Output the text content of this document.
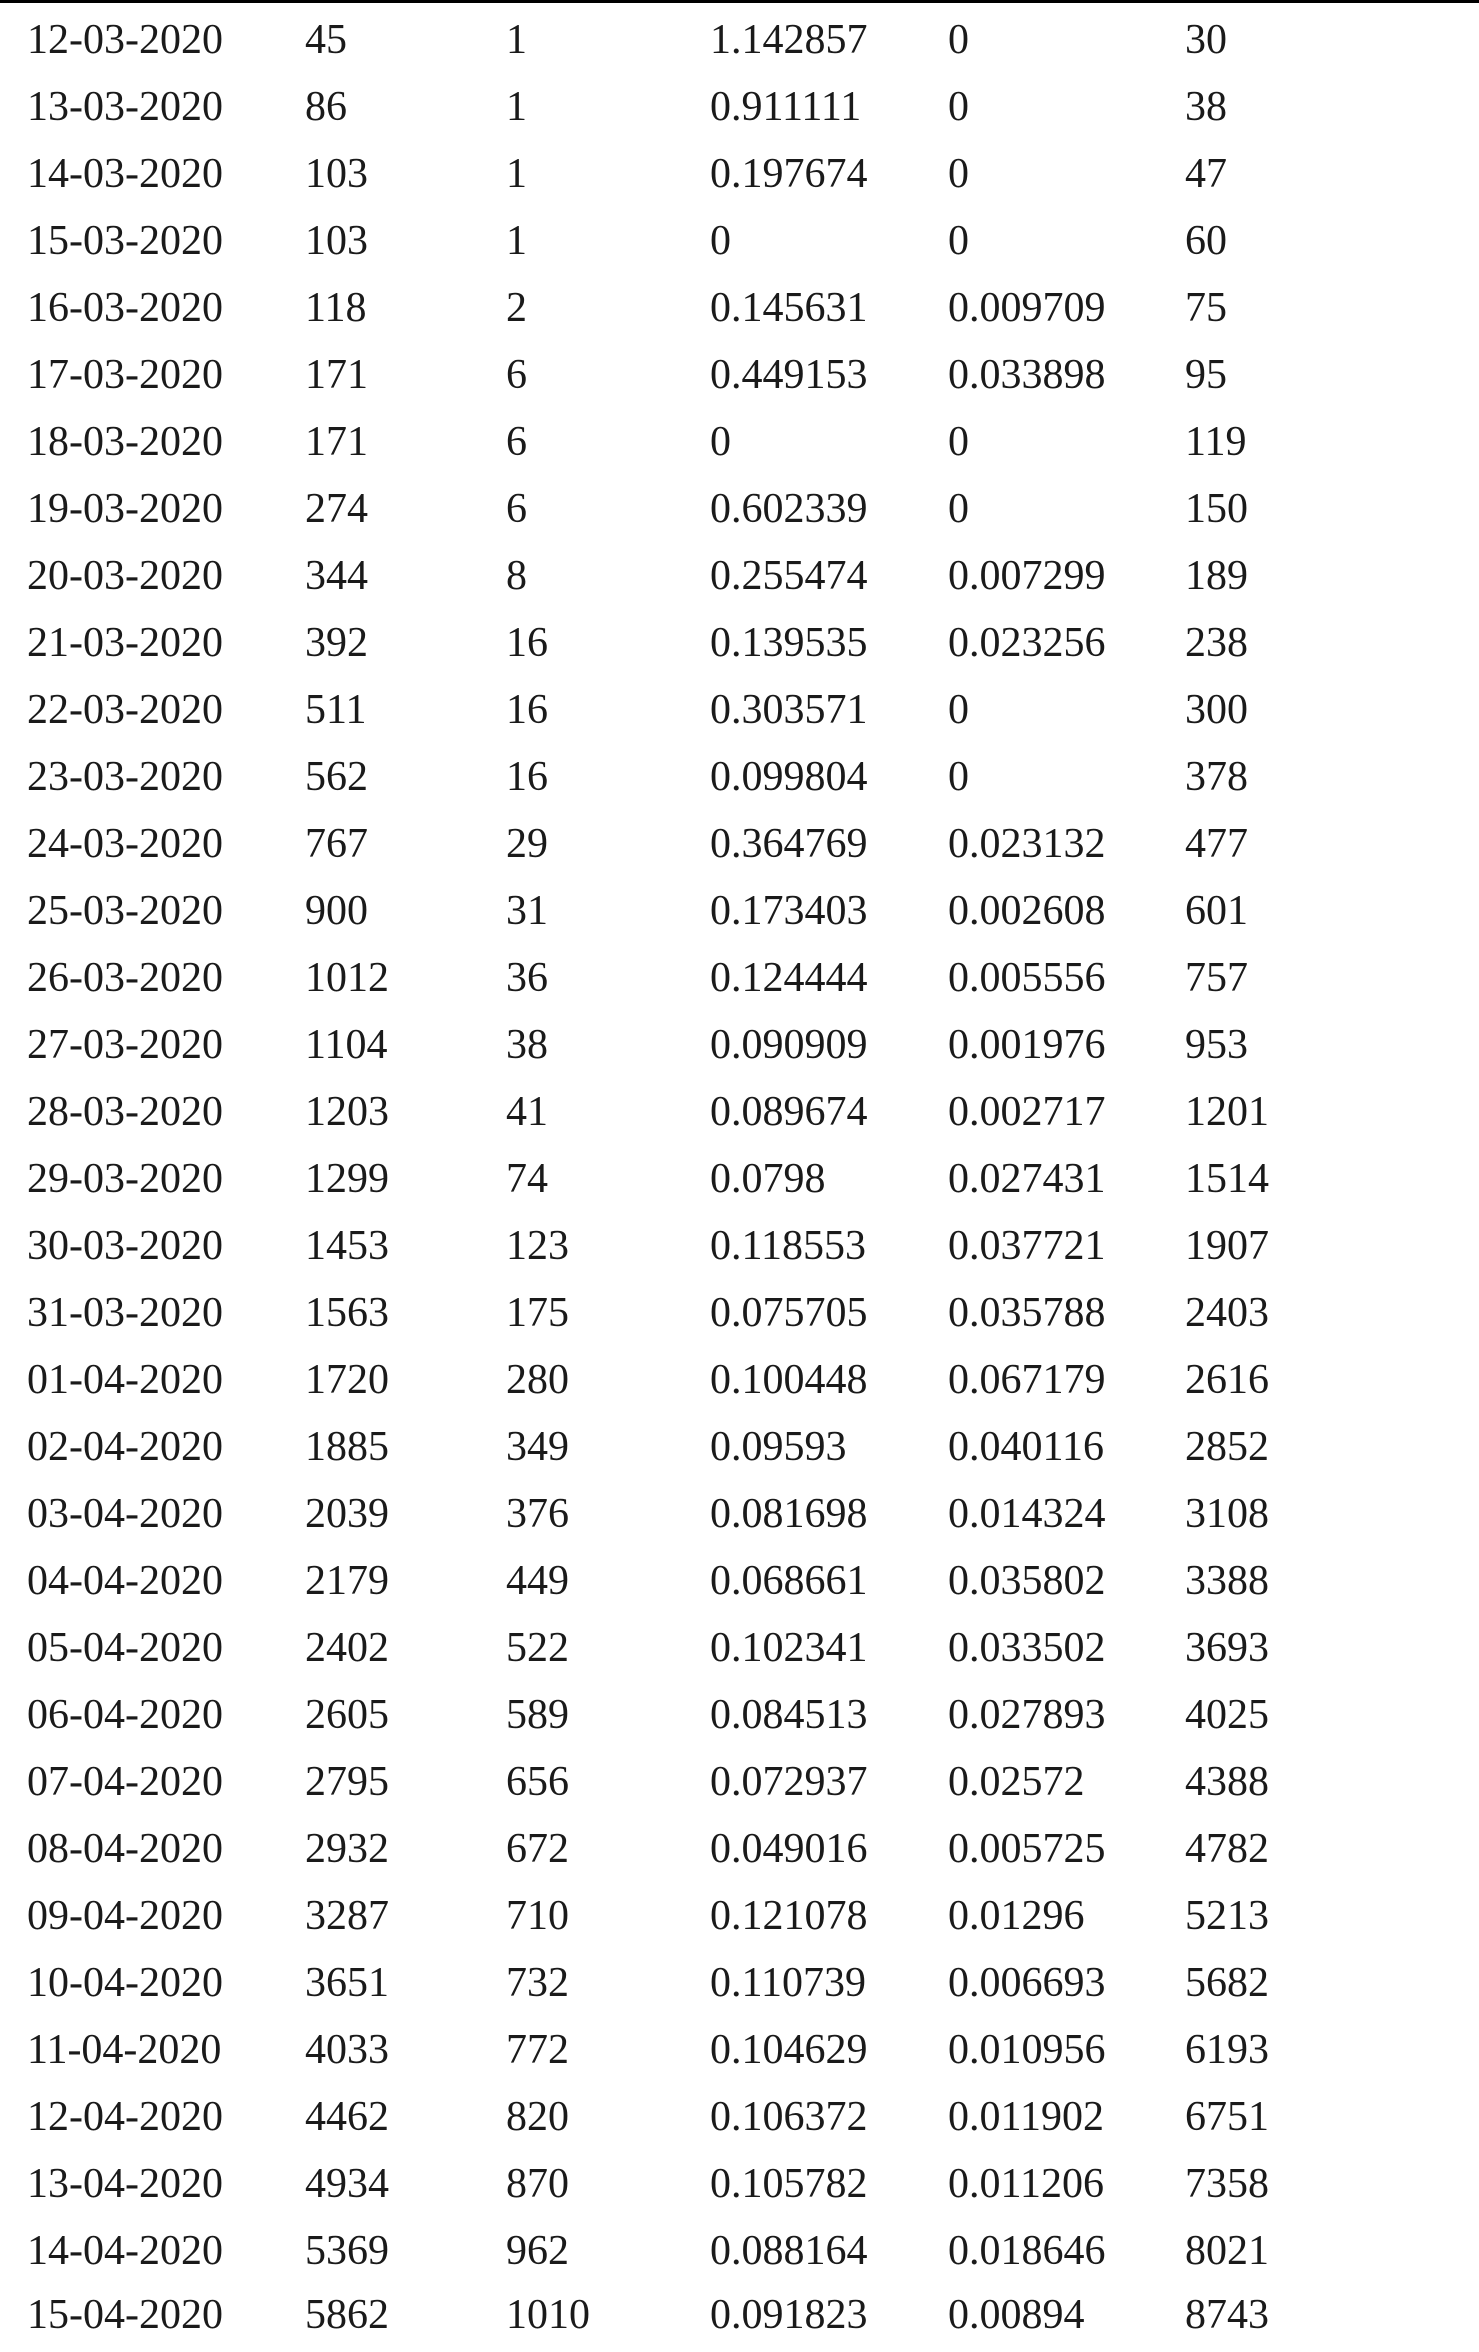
12-03-2020 45	1	1.142857 0	30
13-03-2020 86	1	0.911111 0	38
14-03-2020 103	1	0.197674 0	47
15-03-2020 103	1	0	0	60
16-03-2020 118	2	0.145631 0.009709 75
17-03-2020 171	6	0.449153 0.033898 95
18-03-2020 171	6	0	0	119
19-03-2020 274	6	0.602339 0	150
20-03-2020 344	8	0.255474 0.007299 189
21-03-2020 392	16	0.139535 0.023256 238
22-03-2020 511	16	0.303571 0	300
23-03-2020 562	16	0.099804 0	378
24-03-2020 767	29	0.364769 0.023132 477
25-03-2020 900	31	0.173403 0.002608 601
26-03-2020 1012	36	0.124444 0.005556 757
27-03-2020 1104	38	0.090909 0.001976 953
28-03-2020 1203	41	0.089674 0.002717 1201
29-03-2020 1299	74	0.0798	0.027431 1514
30-03-2020 1453	123	0.118553 0.037721 1907
31-03-2020 1563	175	0.075705 0.035788 2403
01-04-2020 1720	280	0.100448 0.067179 2616
02-04-2020 1885	349	0.09593 0.040116 2852
03-04-2020 2039	376	0.081698 0.014324 3108
04-04-2020 2179	449	0.068661 0.035802 3388
05-04-2020 2402	522	0.102341 0.033502 3693
06-04-2020 2605	589	0.084513 0.027893 4025
07-04-2020 2795	656	0.072937 0.02572 4388
08-04-2020 2932	672	0.049016 0.005725 4782
09-04-2020 3287	710	0.121078 0.01296 5213
10-04-2020 3651	732	0.110739 0.006693 5682
11-04-2020 4033	772	0.104629 0.010956 6193
12-04-2020 4462	820	0.106372 0.011902 6751
13-04-2020 4934	870	0.105782 0.011206 7358
14-04-2020 5369	962	0.088164 0.018646 8021
15-04-2020 5862	1010	0.091823 0.00894 8743
